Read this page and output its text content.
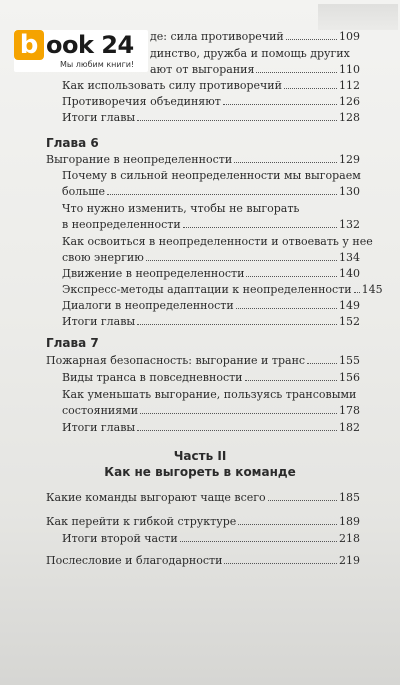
b ook 24
Мы любим книги!
де: сила противоречий	109
динство, дружба и помощь других
ают от выгорания	110
Как использовать силу противоречий	112
Противоречия объединяют	126
Итоги главы	128
Глава 6
Выгорание в неопределенности	129
Почему в сильной неопределенности мы выгораем
больше	130
Что нужно изменить, чтобы не выгорать
в неопределенности	132
Как освоиться в неопределенности и отвоевать у нее
свою энергию	134
Движение в неопределенности	140
Экспресс-методы адаптации к неопределенности 145
Диалоги в неопределенности	149
Итоги главы	152
Глава 7
Пожарная безопасность: выгорание и транс	155
Виды транса в повседневности	156
Как уменьшать выгорание, пользуясь трансовыми
состояниями	178
Итоги главы	182
Часть II
Как не выгореть в команде
Какие команды выгорают чаще всего	185
Как перейти к гибкой структуре	189
Итоги второй части	218
Послесловие и благодарности	219
